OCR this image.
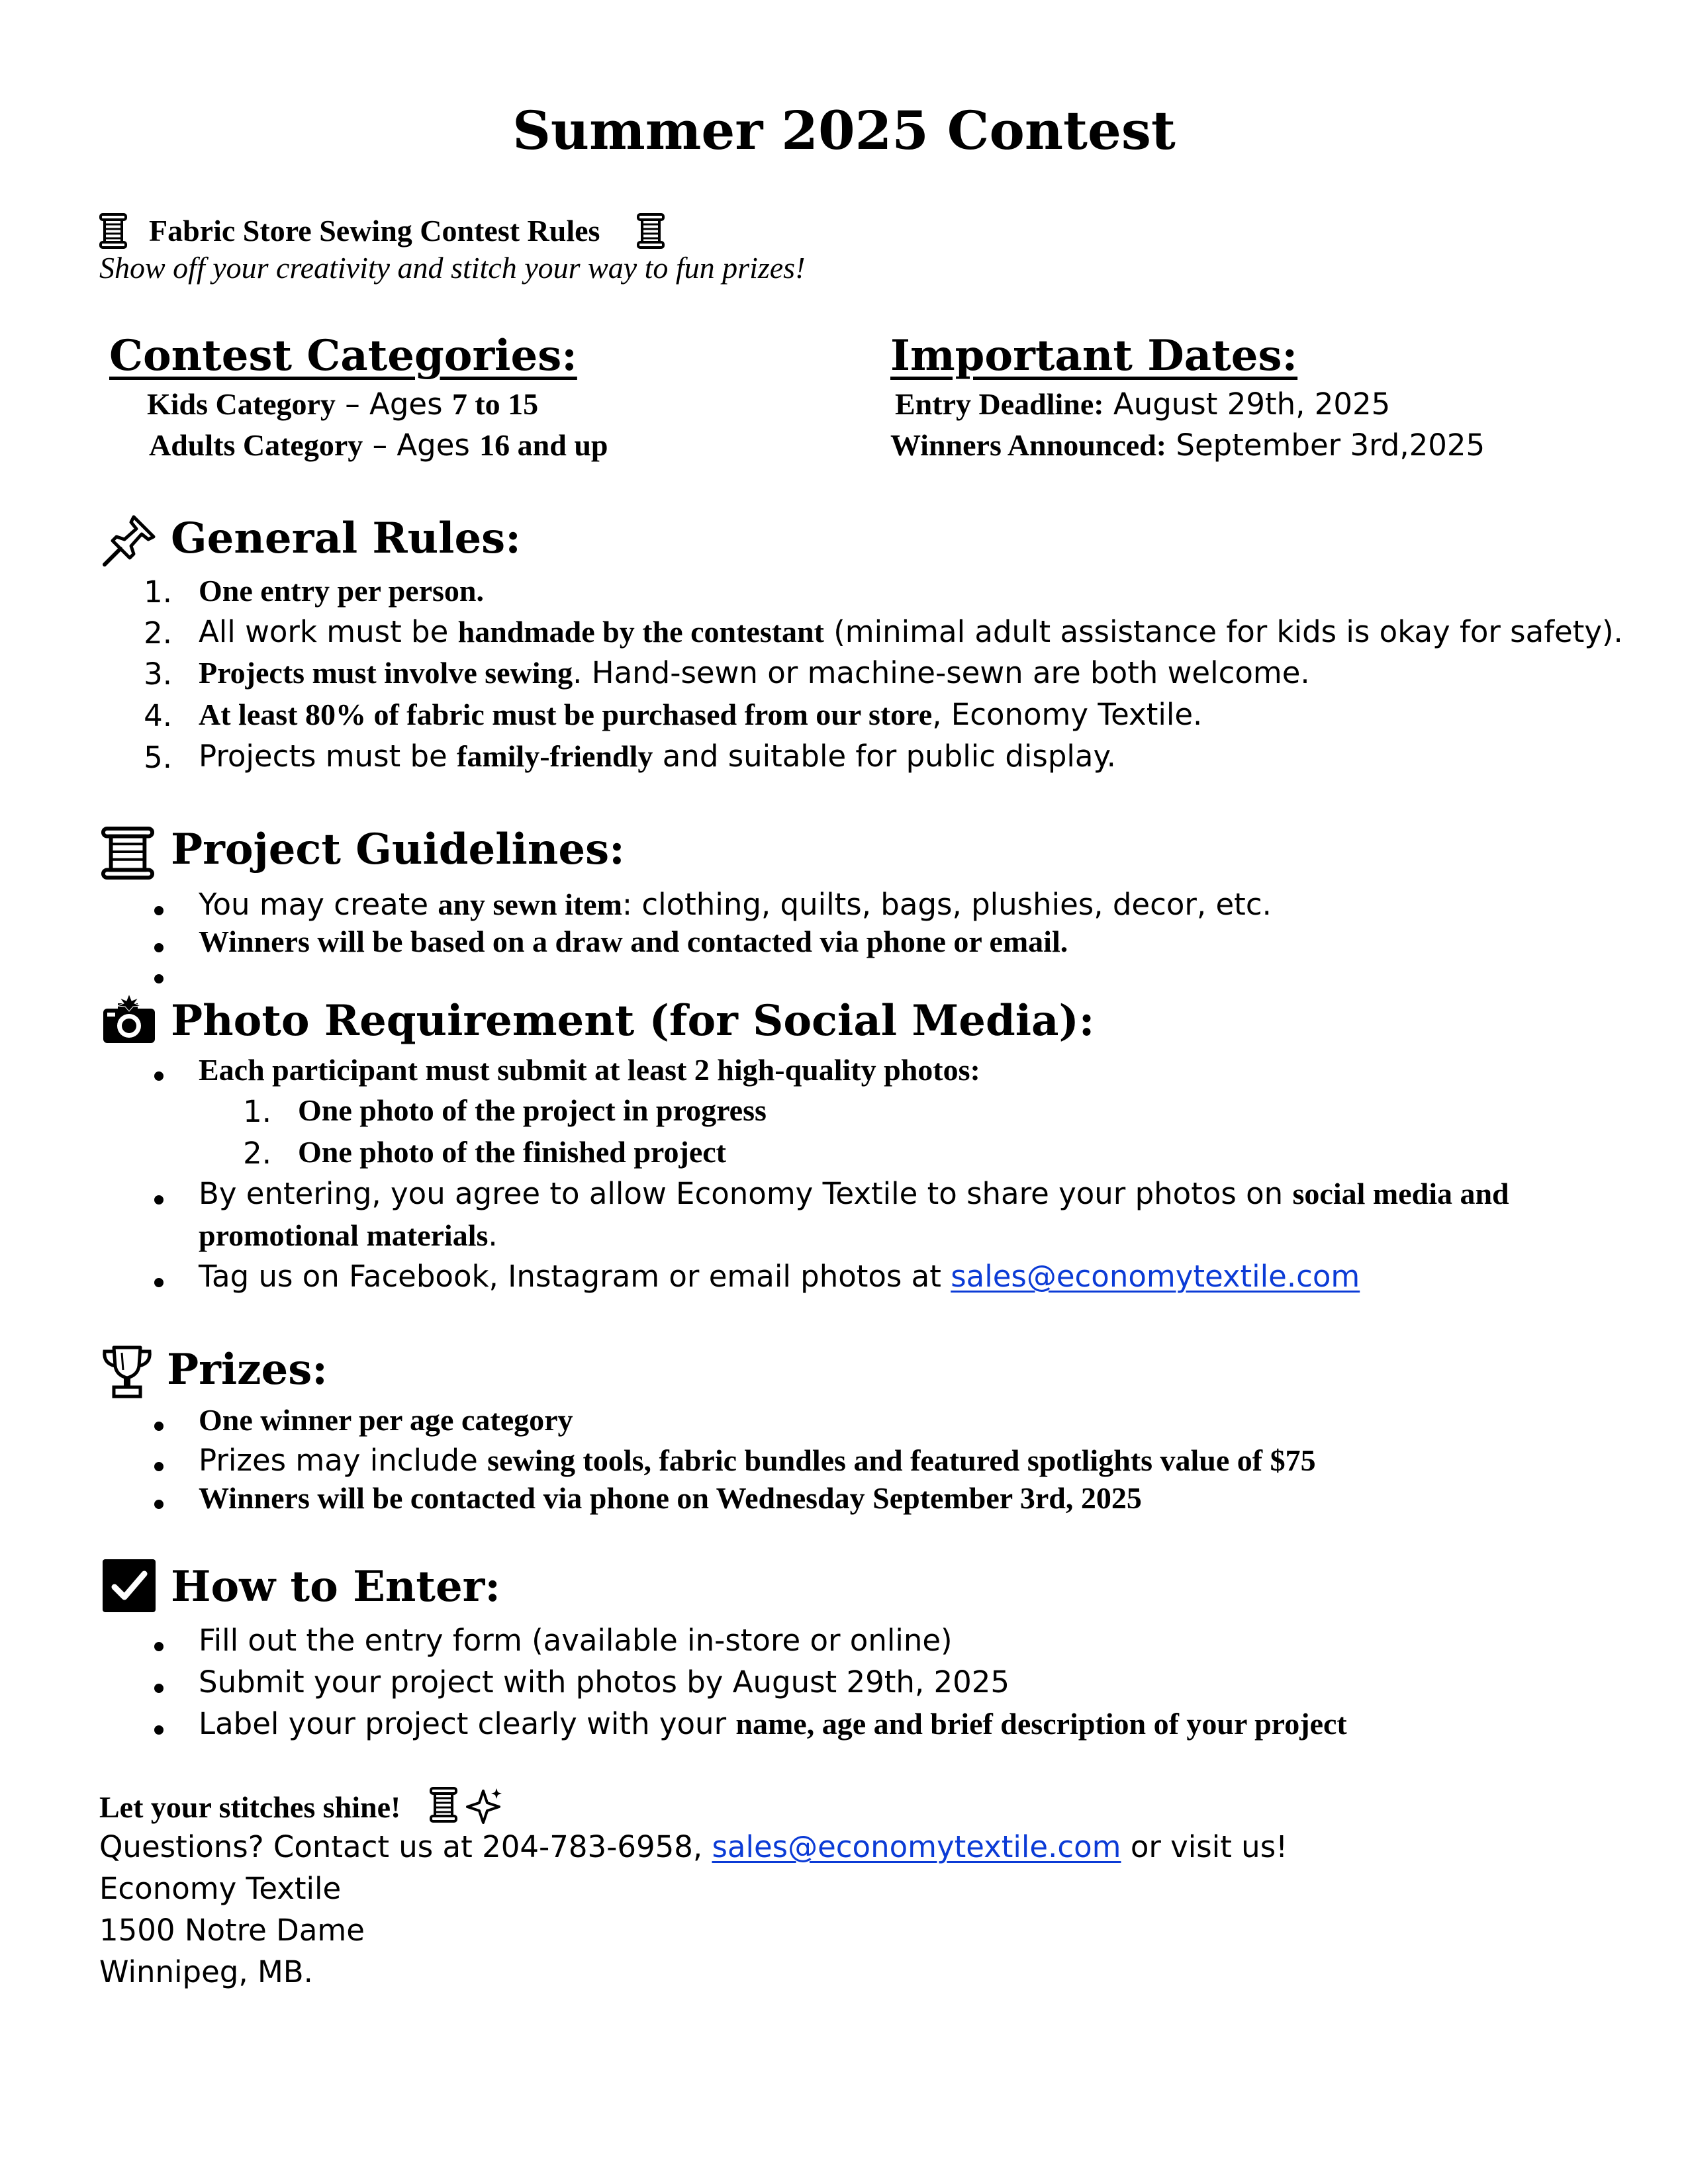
Summer 2025 Contest
Fabric Store Sewing Contest Rules
Show off your creativity and stitch your way to fun prizes!
Contest Categories:
Kids Category – Ages 7 to 15
Adults Category – Ages 16 and up
Important Dates:
Entry Deadline: August 29th, 2025
Winners Announced: September 3rd,2025
General Rules:
1. One entry per person.
2. All work must be handmade by the contestant (minimal adult assistance for kids is okay for safety).
3. Projects must involve sewing. Hand-sewn or machine-sewn are both welcome.
4. At least 80% of fabric must be purchased from our store, Economy Textile.
5. Projects must be family-friendly and suitable for public display.
Project Guidelines:
You may create any sewn item: clothing, quilts, bags, plushies, decor, etc.
Winners will be based on a draw and contacted via phone or email.
Photo Requirement (for Social Media):
Each participant must submit at least 2 high-quality photos:
1. One photo of the project in progress
2. One photo of the finished project
By entering, you agree to allow Economy Textile to share your photos on social media and
promotional materials.
Tag us on Facebook, Instagram or email photos at sales@economytextile.com
Prizes:
One winner per age category
Prizes may include sewing tools, fabric bundles and featured spotlights value of $75
Winners will be contacted via phone on Wednesday September 3rd, 2025
How to Enter:
Fill out the entry form (available in-store or online)
Submit your project with photos by August 29th, 2025
Label your project clearly with your name, age and brief description of your project
Let your stitches shine!
Questions? Contact us at 204-783-6958, sales@economytextile.com or visit us!
Economy Textile
1500 Notre Dame
Winnipeg, MB.
